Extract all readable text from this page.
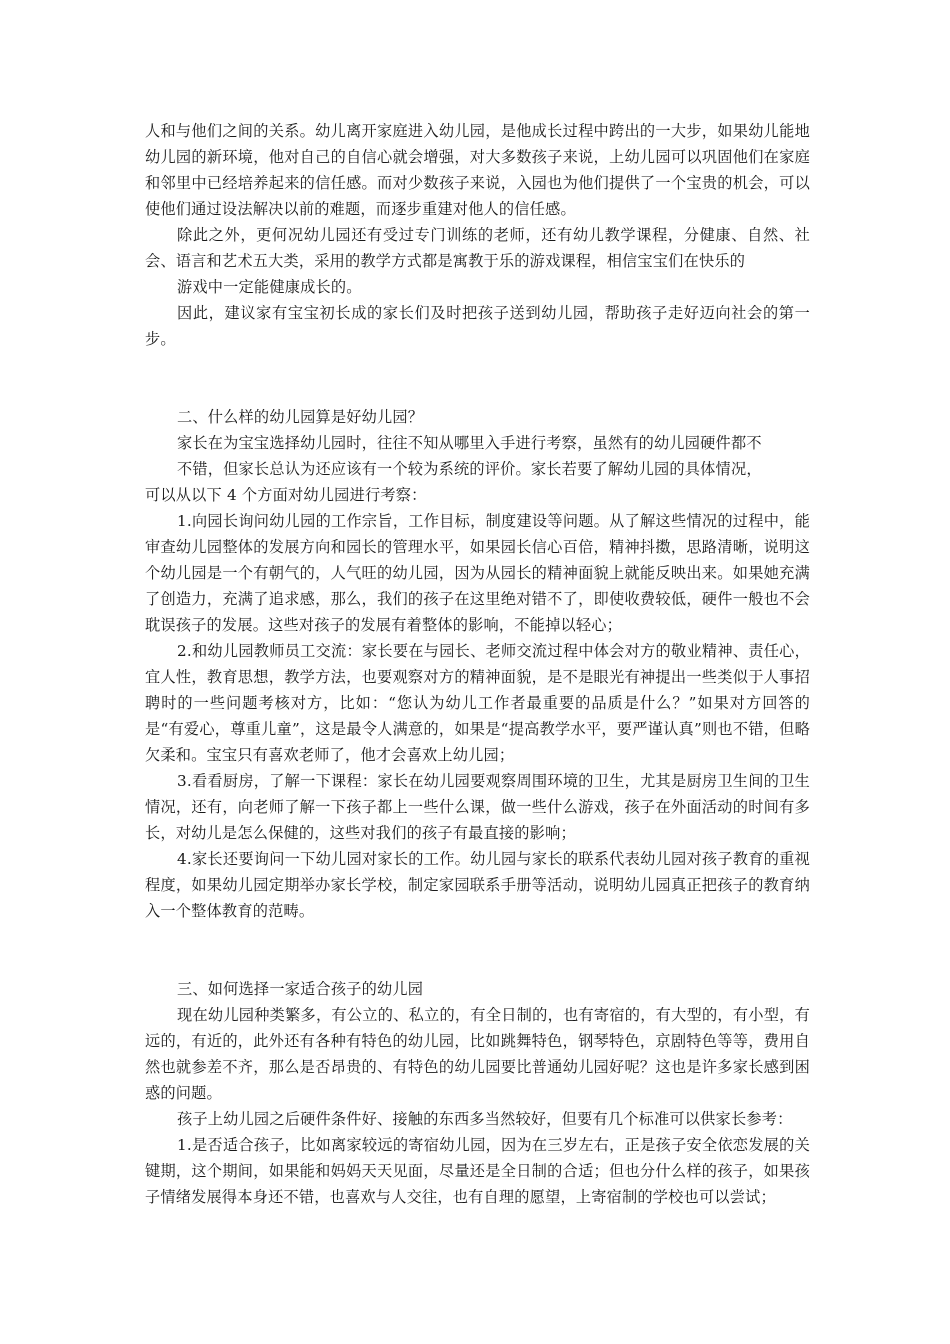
人和与他们之间的关系。幼儿离开家庭进入幼儿园，是他成长过程中跨出的一大步，如果幼儿能地幼儿园的新环境，他对自己的自信心就会增强，对大多数孩子来说，上幼儿园可以巩固他们在家庭和邻里中已经培养起来的信任感。而对少数孩子来说，入园也为他们提供了一个宝贵的机会，可以使他们通过设法解决以前的难题，而逐步重建对他人的信任感。

除此之外，更何况幼儿园还有受过专门训练的老师，还有幼儿教学课程，分健康、自然、社会、语言和艺术五大类，采用的教学方式都是寓教于乐的游戏课程，相信宝宝们在快乐的

游戏中一定能健康成长的。

因此，建议家有宝宝初长成的家长们及时把孩子送到幼儿园，帮助孩子走好迈向社会的第一步。

二、什么样的幼儿园算是好幼儿园？

家长在为宝宝选择幼儿园时，往往不知从哪里入手进行考察，虽然有的幼儿园硬件都不

不错，但家长总认为还应该有一个较为系统的评价。家长若要了解幼儿园的具体情况，

可以从以下 4 个方面对幼儿园进行考察：

1.向园长询问幼儿园的工作宗旨，工作目标，制度建设等问题。从了解这些情况的过程中，能审查幼儿园整体的发展方向和园长的管理水平，如果园长信心百倍，精神抖擞，思路清晰，说明这个幼儿园是一个有朝气的，人气旺的幼儿园，因为从园长的精神面貌上就能反映出来。如果她充满了创造力，充满了追求感，那么，我们的孩子在这里绝对错不了，即使收费较低，硬件一般也不会耽误孩子的发展。这些对孩子的发展有着整体的影响，不能掉以轻心；

2.和幼儿园教师员工交流：家长要在与园长、老师交流过程中体会对方的敬业精神、责任心，宜人性，教育思想，教学方法，也要观察对方的精神面貌，是不是眼光有神提出一些类似于人事招聘时的一些问题考核对方，比如：“您认为幼儿工作者最重要的品质是什么？”如果对方回答的是“有爱心，尊重儿童”，这是最令人满意的，如果是“提高教学水平，要严谨认真”则也不错，但略欠柔和。宝宝只有喜欢老师了，他才会喜欢上幼儿园；

3.看看厨房，了解一下课程：家长在幼儿园要观察周围环境的卫生，尤其是厨房卫生间的卫生情况，还有，向老师了解一下孩子都上一些什么课，做一些什么游戏，孩子在外面活动的时间有多长，对幼儿是怎么保健的，这些对我们的孩子有最直接的影响；

4.家长还要询问一下幼儿园对家长的工作。幼儿园与家长的联系代表幼儿园对孩子教育的重视程度，如果幼儿园定期举办家长学校，制定家园联系手册等活动，说明幼儿园真正把孩子的教育纳入一个整体教育的范畴。

三、如何选择一家适合孩子的幼儿园

现在幼儿园种类繁多，有公立的、私立的，有全日制的，也有寄宿的，有大型的，有小型，有远的，有近的，此外还有各种有特色的幼儿园，比如跳舞特色，钢琴特色，京剧特色等等，费用自然也就参差不齐，那么是否昂贵的、有特色的幼儿园要比普通幼儿园好呢？这也是许多家长感到困惑的问题。

孩子上幼儿园之后硬件条件好、接触的东西多当然较好，但要有几个标准可以供家长参考：

1.是否适合孩子，比如离家较远的寄宿幼儿园，因为在三岁左右，正是孩子安全依恋发展的关键期，这个期间，如果能和妈妈天天见面，尽量还是全日制的合适；但也分什么样的孩子，如果孩子情绪发展得本身还不错，也喜欢与人交往，也有自理的愿望，上寄宿制的学校也可以尝试；
